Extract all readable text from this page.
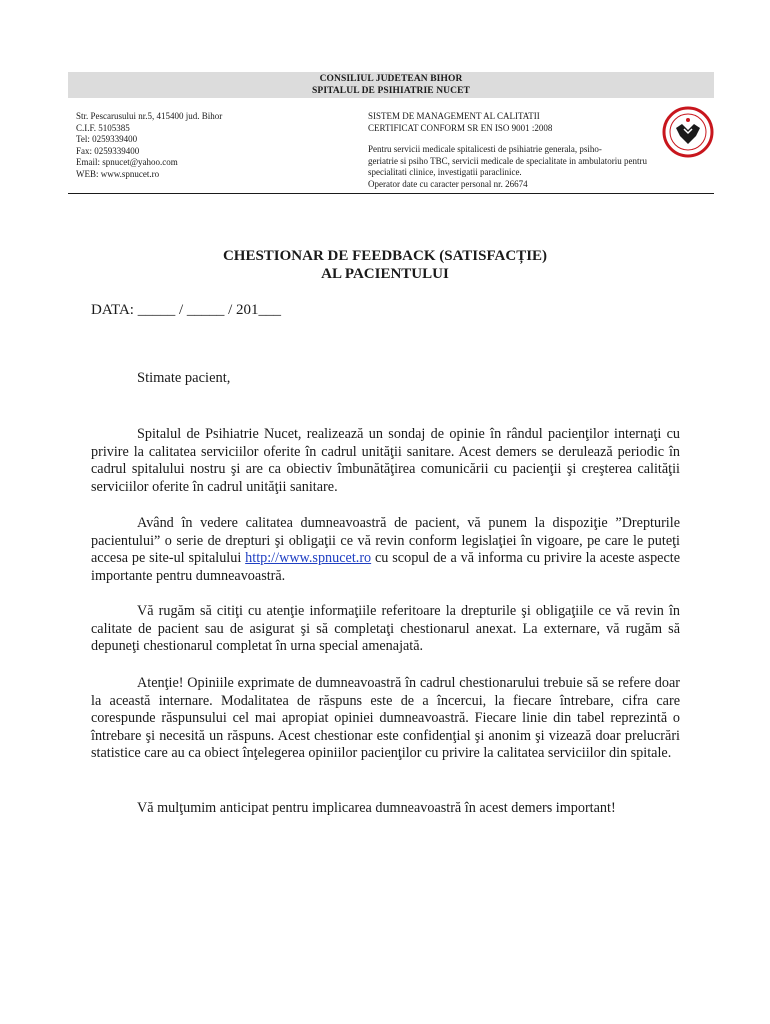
CONSILIUL JUDETEAN BIHOR
SPITALUL DE PSIHIATRIE NUCET
Str. Pescarusului nr.5, 415400 jud. Bihor
C.I.F. 5105385
Tel: 0259339400
Fax: 0259339400
Email: spnucet@yahoo.com
WEB: www.spnucet.ro
SISTEM DE MANAGEMENT AL CALITATII
CERTIFICAT CONFORM SR EN ISO 9001 :2008
Pentru servicii medicale spitalicesti de psihiatrie generala, psiho-
geriatrie si psiho TBC, servicii medicale de specialitate in ambulatoriu pentru
specialitati clinice, investigatii paraclinice.
Operator date cu caracter personal nr. 26674
CHESTIONAR DE FEEDBACK (SATISFACȚIE)
AL PACIENTULUI
DATA: _____ / _____ / 201___
Stimate pacient,
Spitalul de Psihiatrie Nucet, realizează un sondaj de opinie în rândul pacienţilor internaţi cu privire la calitatea serviciilor oferite în cadrul unităţii sanitare. Acest demers se derulează periodic în cadrul spitalului nostru şi are ca obiectiv îmbunătăţirea comunicării cu pacienţii şi creşterea calităţii serviciilor oferite în cadrul unităţii sanitare.
Având în vedere calitatea dumneavoastră de pacient, vă punem la dispoziţie ”Drepturile pacientului” o serie de drepturi şi obligaţii ce vă revin conform legislaţiei în vigoare, pe care le puteţi accesa pe site-ul spitalului http://www.spnucet.ro cu scopul de a vă informa cu privire la aceste aspecte importante pentru dumneavoastră.
Vă rugăm să citiţi cu atenţie informaţiile referitoare la drepturile şi obligaţiile ce vă revin în calitate de pacient sau de asigurat şi să completaţi chestionarul anexat. La externare, vă rugăm să depuneţi chestionarul completat în urna special amenajată.
Atenţie! Opiniile exprimate de dumneavoastră în cadrul chestionarului trebuie să se refere doar la această internare. Modalitatea de răspuns este de a încercui, la fiecare întrebare, cifra care corespunde răspunsului cel mai apropiat opiniei dumneavoastră. Fiecare linie din tabel reprezintă o întrebare şi necesită un răspuns. Acest chestionar este confidenţial şi anonim şi vizează doar prelucrări statistice care au ca obiect înţelegerea opiniilor pacienţilor cu privire la calitatea serviciilor din spitale.
Vă mulţumim anticipat pentru implicarea dumneavoastră în acest demers important!
